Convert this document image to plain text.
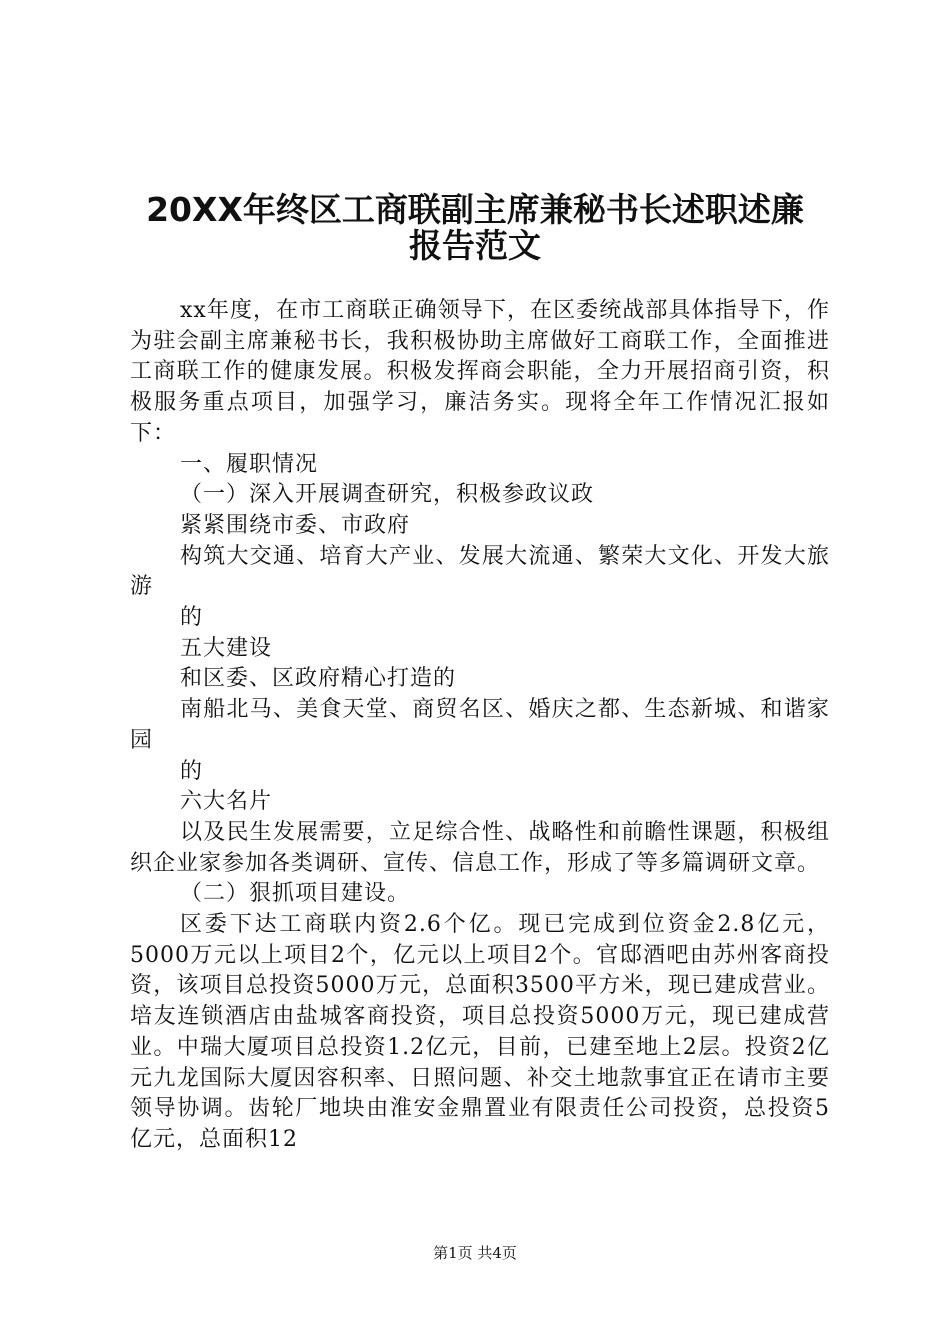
20XX年终区工商联副主席兼秘书长述职述廉
报告范文

xx年度，在市工商联正确领导下，在区委统战部具体指导下，作为驻会副主席兼秘书长，我积极协助主席做好工商联工作，全面推进工商联工作的健康发展。积极发挥商会职能，全力开展招商引资，积极服务重点项目，加强学习，廉洁务实。现将全年工作情况汇报如下：

一、履职情况

（一）深入开展调查研究，积极参政议政

紧紧围绕市委、市政府

构筑大交通、培育大产业、发展大流通、繁荣大文化、开发大旅游

的

五大建设

和区委、区政府精心打造的

南船北马、美食天堂、商贸名区、婚庆之都、生态新城、和谐家园

的

六大名片

以及民生发展需要，立足综合性、战略性和前瞻性课题，积极组织企业家参加各类调研、宣传、信息工作，形成了等多篇调研文章。

（二）狠抓项目建设。

区委下达工商联内资2.6个亿。现已完成到位资金2.8亿元，5000万元以上项目2个，亿元以上项目2个。官邸酒吧由苏州客商投资，该项目总投资5000万元，总面积3500平方米，现已建成营业。培友连锁酒店由盐城客商投资，项目总投资5000万元，现已建成营业。中瑞大厦项目总投资1.2亿元，目前，已建至地上2层。投资2亿元九龙国际大厦因容积率、日照问题、补交土地款事宜正在请市主要领导协调。齿轮厂地块由淮安金鼎置业有限责任公司投资，总投资5亿元，总面积12

第1页 共4页
